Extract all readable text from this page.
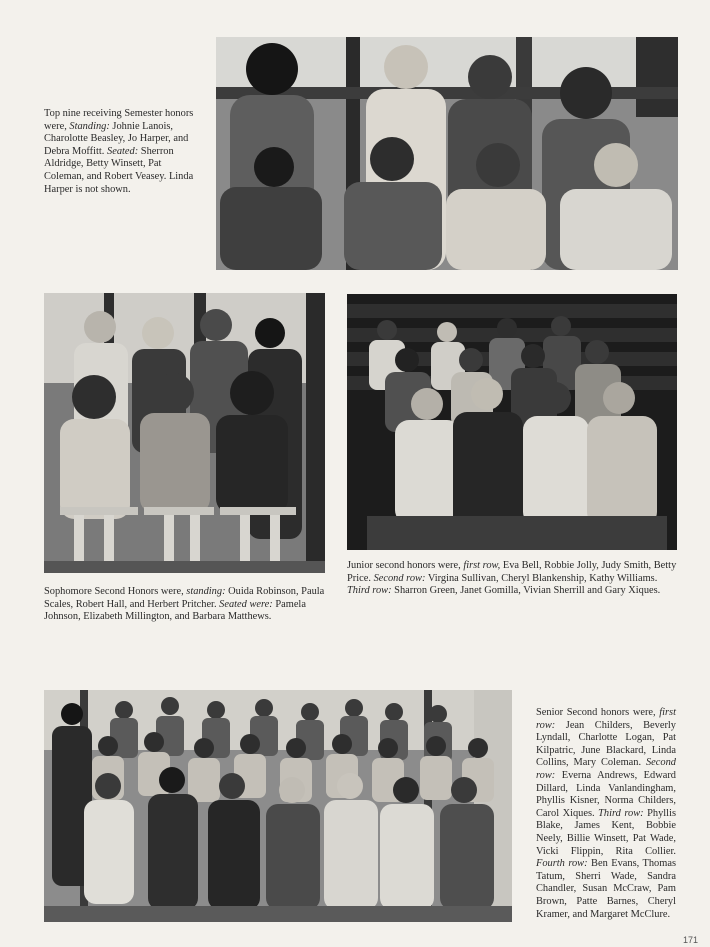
Top nine receiving Semester honors were, Standing: Johnie Lanois, Charolotte Beasley, Jo Harper, and Debra Moffitt. Seated: Sherron Aldridge, Betty Winsett, Pat Coleman, and Robert Veasey. Linda Harper is not shown.
Sophomore Second Honors were, standing: Ouida Robinson, Paula Scales, Robert Hall, and Herbert Pritcher. Seated were: Pamela Johnson, Elizabeth Millington, and Barbara Matthews.
Junior second honors were, first row, Eva Bell, Robbie Jolly, Judy Smith, Betty Price. Second row: Virgina Sullivan, Cheryl Blankenship, Kathy Williams. Third row: Sharron Green, Janet Gomilla, Vivian Sherrill and Gary Xiques.
Senior Second honors were, first row: Jean Childers, Beverly Lyndall, Charlotte Logan, Pat Kilpatric, June Blackard, Linda Collins, Mary Coleman. Second row: Everna Andrews, Edward Dillard, Linda Vanlandingham, Phyllis Kisner, Norma Childers, Carol Xiques. Third row: Phyllis Blake, James Kent, Bobbie Neely, Billie Winsett, Pat Wade, Vicki Flippin, Rita Collier. Fourth row: Ben Evans, Thomas Tatum, Sherri Wade, Sandra Chandler, Susan McCraw, Pam Brown, Patte Barnes, Cheryl Kramer, and Margaret McClure.
171
